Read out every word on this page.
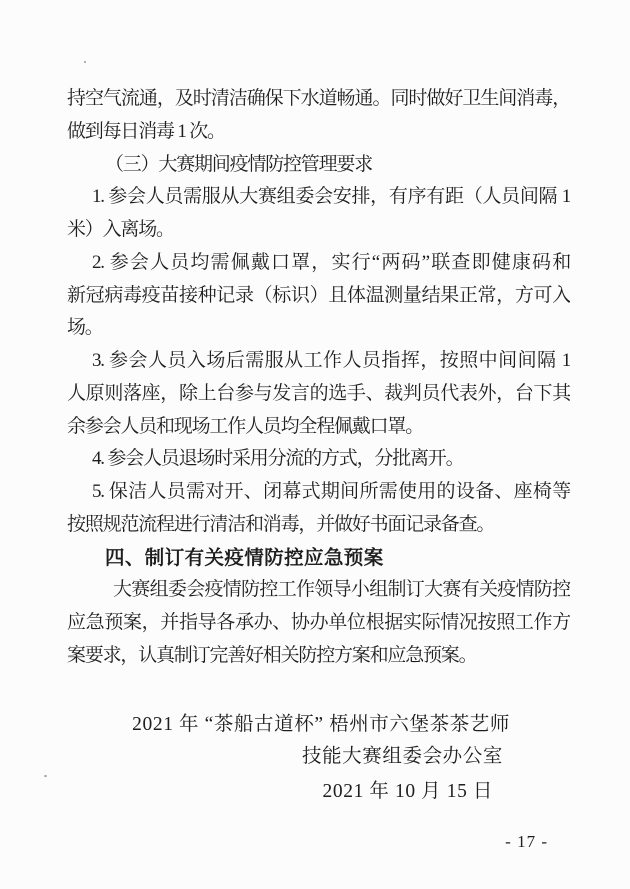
持空气流通，及时清洁确保下水道畅通。同时做好卫生间消毒，
做到每日消毒 1 次。
（三）大赛期间疫情防控管理要求
1. 参会人员需服从大赛组委会安排，有序有距（人员间隔 1
米）入离场。
2. 参会人员均需佩戴口罩，实行“两码”联查即健康码和
新冠病毒疫苗接种记录（标识）且体温测量结果正常，方可入
场。
3. 参会人员入场后需服从工作人员指挥，按照中间间隔 1
人原则落座，除上台参与发言的选手、裁判员代表外，台下其
余参会人员和现场工作人员均全程佩戴口罩。
4. 参会人员退场时采用分流的方式，分批离开。
5. 保洁人员需对开、闭幕式期间所需使用的设备、座椅等
按照规范流程进行清洁和消毒，并做好书面记录备查。
四、制订有关疫情防控应急预案
大赛组委会疫情防控工作领导小组制订大赛有关疫情防控
应急预案，并指导各承办、协办单位根据实际情况按照工作方
案要求，认真制订完善好相关防控方案和应急预案。
2021 年 “茶船古道杯” 梧州市六堡茶茶艺师
技能大赛组委会办公室
2021 年 10 月 15 日
- 17 -
